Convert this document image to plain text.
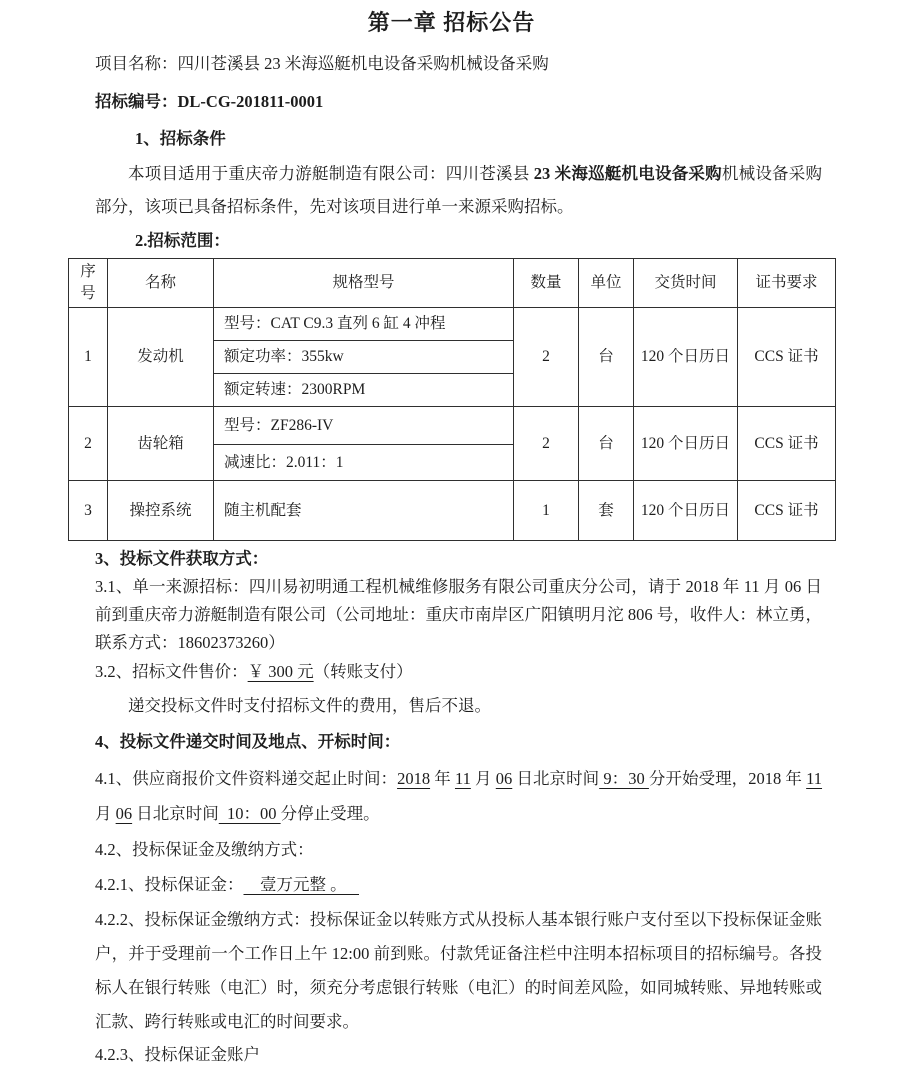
第一章 招标公告
项目名称：四川苍溪县 23 米海巡艇机电设备采购机械设备采购
招标编号：DL-CG-201811-0001
1、招标条件
本项目适用于重庆帝力游艇制造有限公司：四川苍溪县 23 米海巡艇机电设备采购机械设备采购部分，该项已具备招标条件，先对该项目进行单一来源采购招标。
2.招标范围：
序号	名称	规格型号	数量	单位	交货时间	证书要求
1	发动机	型号：CAT C9.3 直列 6 缸 4 冲程	2	台	120 个日历日	CCS 证书
		额定功率：355kw				
		额定转速：2300RPM				
2	齿轮箱	型号：ZF286-IV	2	台	120 个日历日	CCS 证书
		减速比：2.011：1				
3	操控系统	随主机配套	1	套	120 个日历日	CCS 证书
3、投标文件获取方式：
3.1、单一来源招标：四川易初明通工程机械维修服务有限公司重庆分公司，请于 2018 年 11 月 06 日前到重庆帝力游艇制造有限公司（公司地址：重庆市南岸区广阳镇明月沱 806 号，收件人：林立勇，联系方式：18602373260）
3.2、招标文件售价：￥ 300 元（转账支付）
递交投标文件时支付招标文件的费用，售后不退。
4、投标文件递交时间及地点、开标时间：
4.1、供应商报价文件资料递交起止时间：2018 年 11 月 06 日北京时间 9：30 分开始受理，2018 年 11 月 06 日北京时间  10：00 分停止受理。
4.2、投标保证金及缴纳方式：
4.2.1、投标保证金：    壹万元整 。
4.2.2、投标保证金缴纳方式：投标保证金以转账方式从投标人基本银行账户支付至以下投标保证金账户，并于受理前一个工作日上午 12:00 前到账。付款凭证备注栏中注明本招标项目的招标编号。各投标人在银行转账（电汇）时，须充分考虑银行转账（电汇）的时间差风险，如同城转账、异地转账或汇款、跨行转账或电汇的时间要求。
4.2.3、投标保证金账户
